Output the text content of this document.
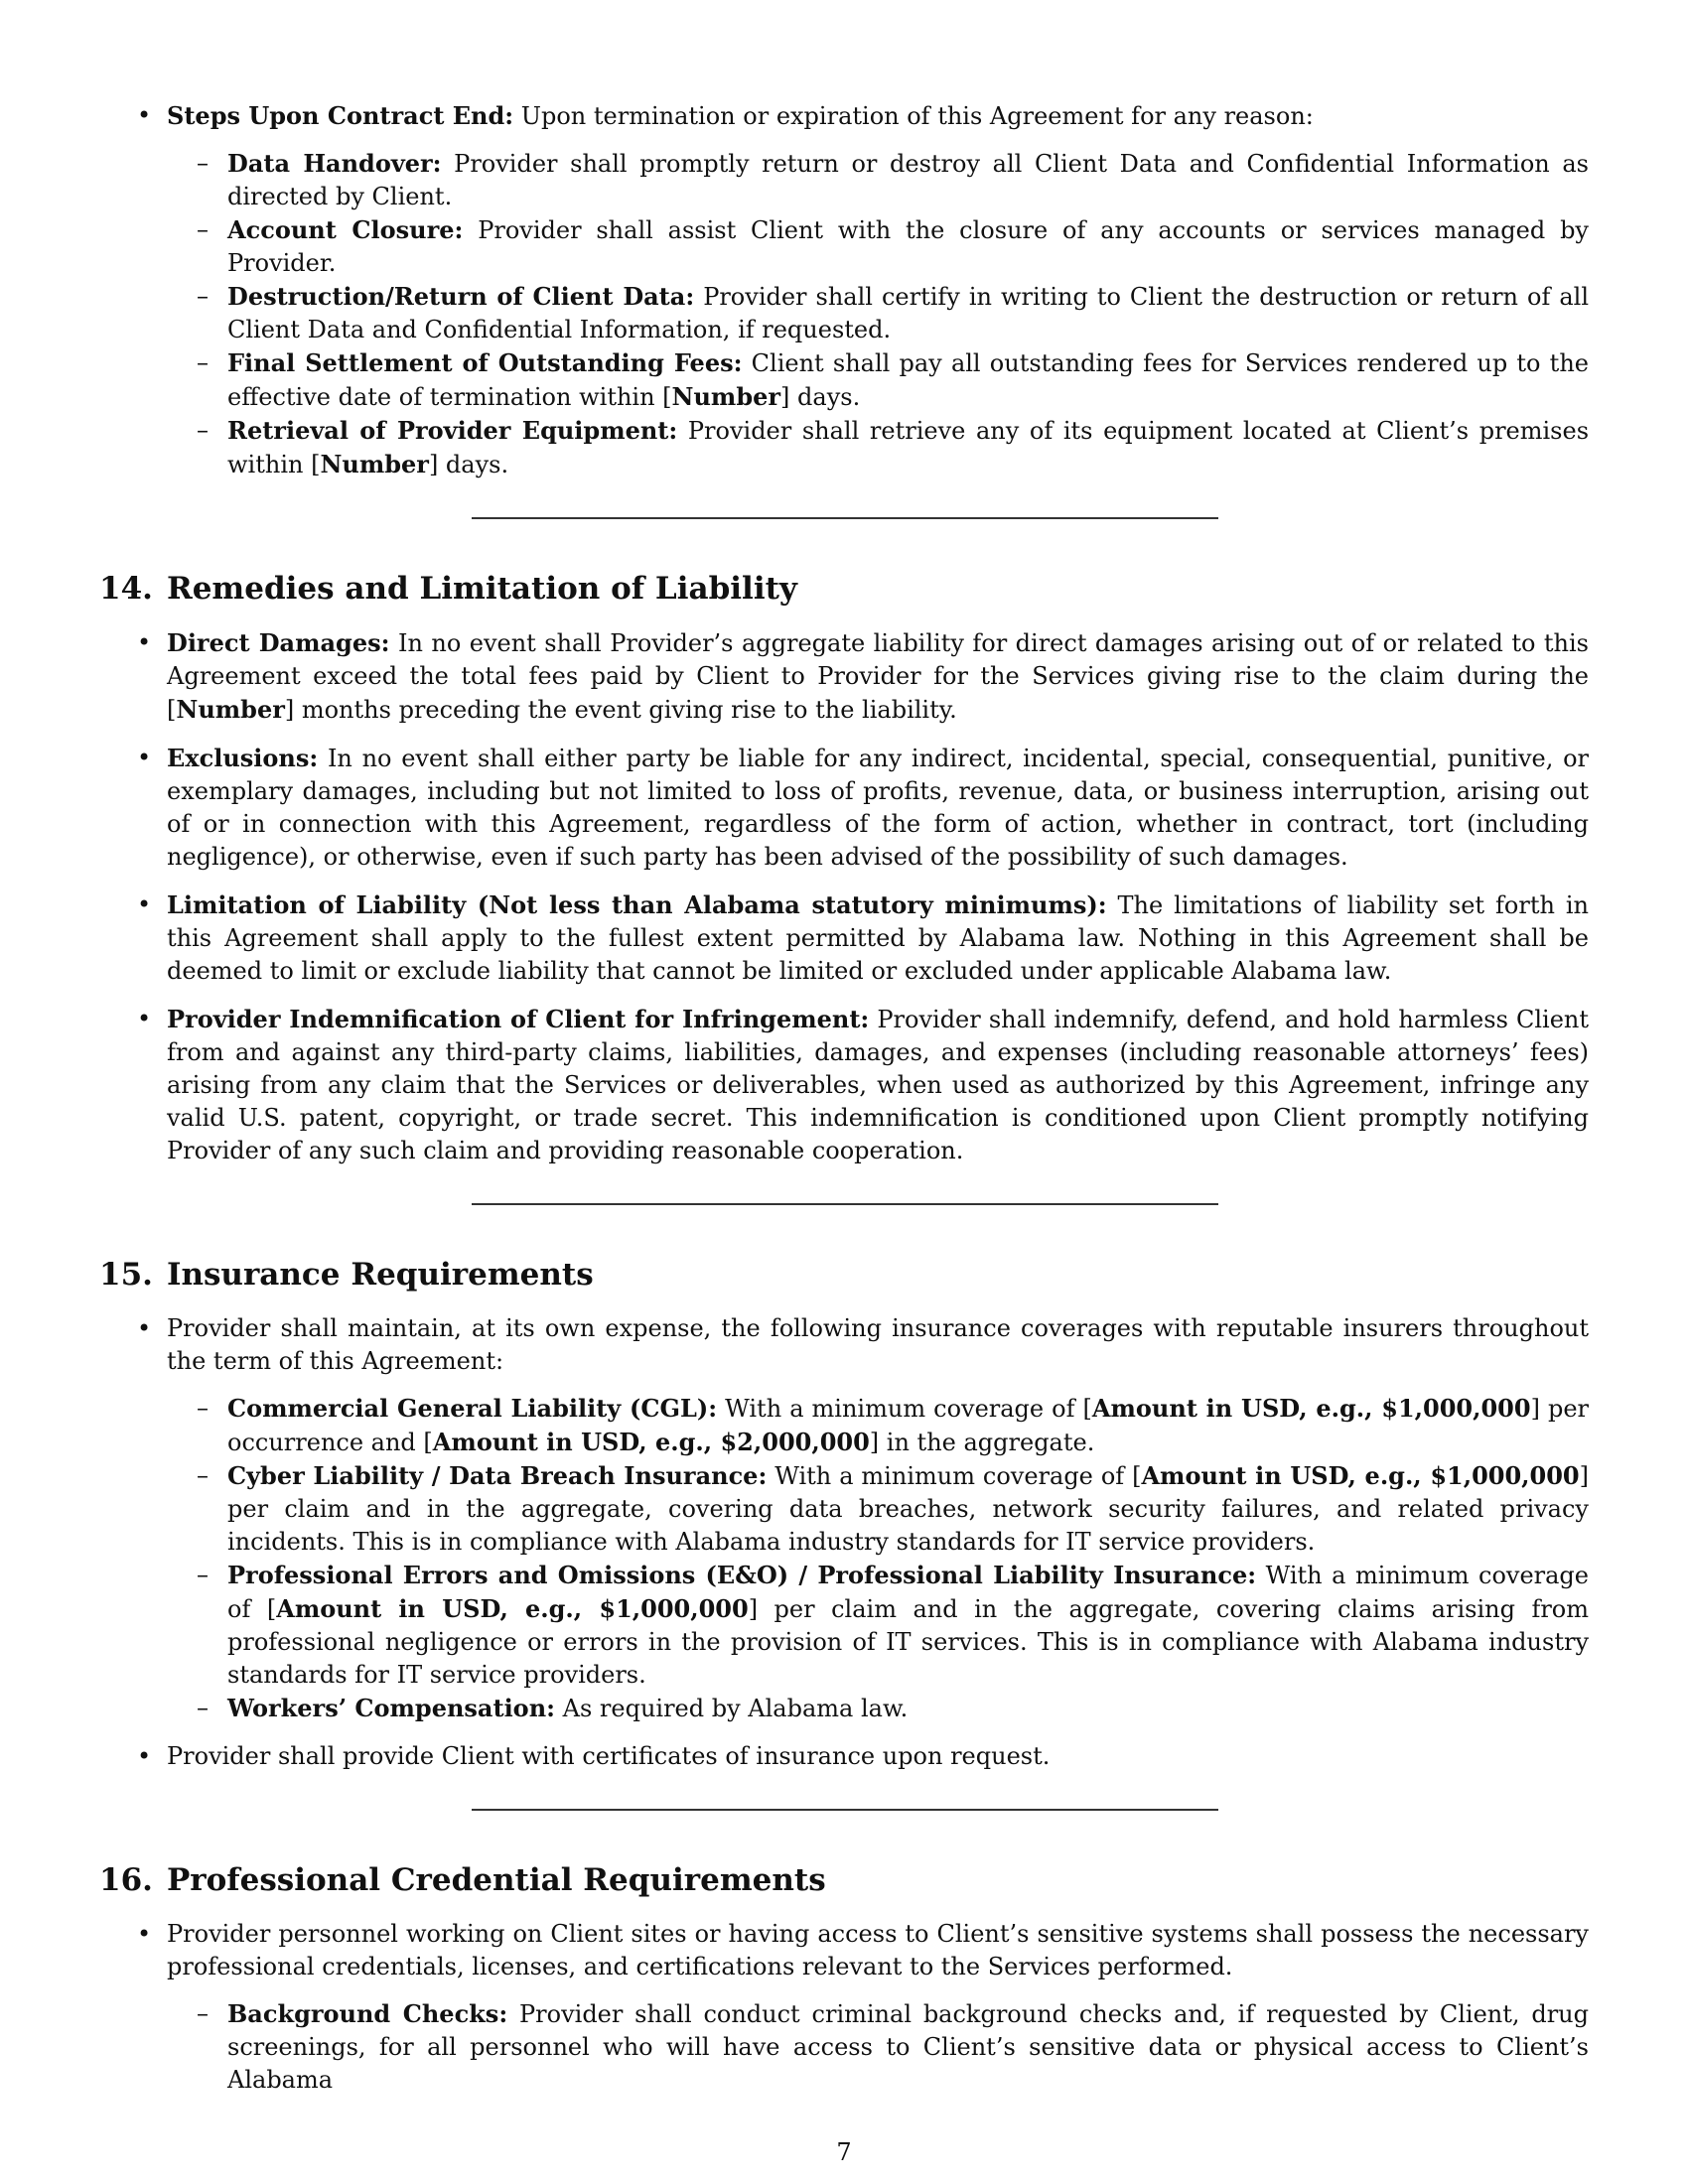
• Steps Upon Contract End: Upon termination or expiration of this Agreement for any reason:
– Data Handover: Provider shall promptly return or destroy all Client Data and Confidential Information as directed by Client.
– Account Closure: Provider shall assist Client with the closure of any accounts or services managed by Provider.
– Destruction/Return of Client Data: Provider shall certify in writing to Client the destruction or return of all Client Data and Confidential Information, if requested.
– Final Settlement of Outstanding Fees: Client shall pay all outstanding fees for Services rendered up to the effective date of termination within [Number] days.
– Retrieval of Provider Equipment: Provider shall retrieve any of its equipment located at Client’s premises within [Number] days.
14. Remedies and Limitation of Liability
• Direct Damages: In no event shall Provider’s aggregate liability for direct damages arising out of or related to this Agreement exceed the total fees paid by Client to Provider for the Services giving rise to the claim during the [Number] months preceding the event giving rise to the liability.
• Exclusions: In no event shall either party be liable for any indirect, incidental, special, consequential, punitive, or exemplary damages, including but not limited to loss of profits, revenue, data, or business interruption, arising out of or in connection with this Agreement, regardless of the form of action, whether in contract, tort (including negligence), or otherwise, even if such party has been advised of the possibility of such damages.
• Limitation of Liability (Not less than Alabama statutory minimums): The limitations of liability set forth in this Agreement shall apply to the fullest extent permitted by Alabama law. Nothing in this Agreement shall be deemed to limit or exclude liability that cannot be limited or excluded under applicable Alabama law.
• Provider Indemnification of Client for Infringement: Provider shall indemnify, defend, and hold harmless Client from and against any third-party claims, liabilities, damages, and expenses (including reasonable attorneys’ fees) arising from any claim that the Services or deliverables, when used as authorized by this Agreement, infringe any valid U.S. patent, copyright, or trade secret. This indemnification is conditioned upon Client promptly notifying Provider of any such claim and providing reasonable cooperation.
15. Insurance Requirements
• Provider shall maintain, at its own expense, the following insurance coverages with reputable insurers throughout the term of this Agreement:
– Commercial General Liability (CGL): With a minimum coverage of [Amount in USD, e.g., $1,000,000] per occurrence and [Amount in USD, e.g., $2,000,000] in the aggregate.
– Cyber Liability / Data Breach Insurance: With a minimum coverage of [Amount in USD, e.g., $1,000,000] per claim and in the aggregate, covering data breaches, network security failures, and related privacy incidents. This is in compliance with Alabama industry standards for IT service providers.
– Professional Errors and Omissions (E&O) / Professional Liability Insurance: With a minimum coverage of [Amount in USD, e.g., $1,000,000] per claim and in the aggregate, covering claims arising from professional negligence or errors in the provision of IT services. This is in compliance with Alabama industry standards for IT service providers.
– Workers’ Compensation: As required by Alabama law.
• Provider shall provide Client with certificates of insurance upon request.
16. Professional Credential Requirements
• Provider personnel working on Client sites or having access to Client’s sensitive systems shall possess the necessary professional credentials, licenses, and certifications relevant to the Services performed.
– Background Checks: Provider shall conduct criminal background checks and, if requested by Client, drug screenings, for all personnel who will have access to Client’s sensitive data or physical access to Client’s Alabama
7
